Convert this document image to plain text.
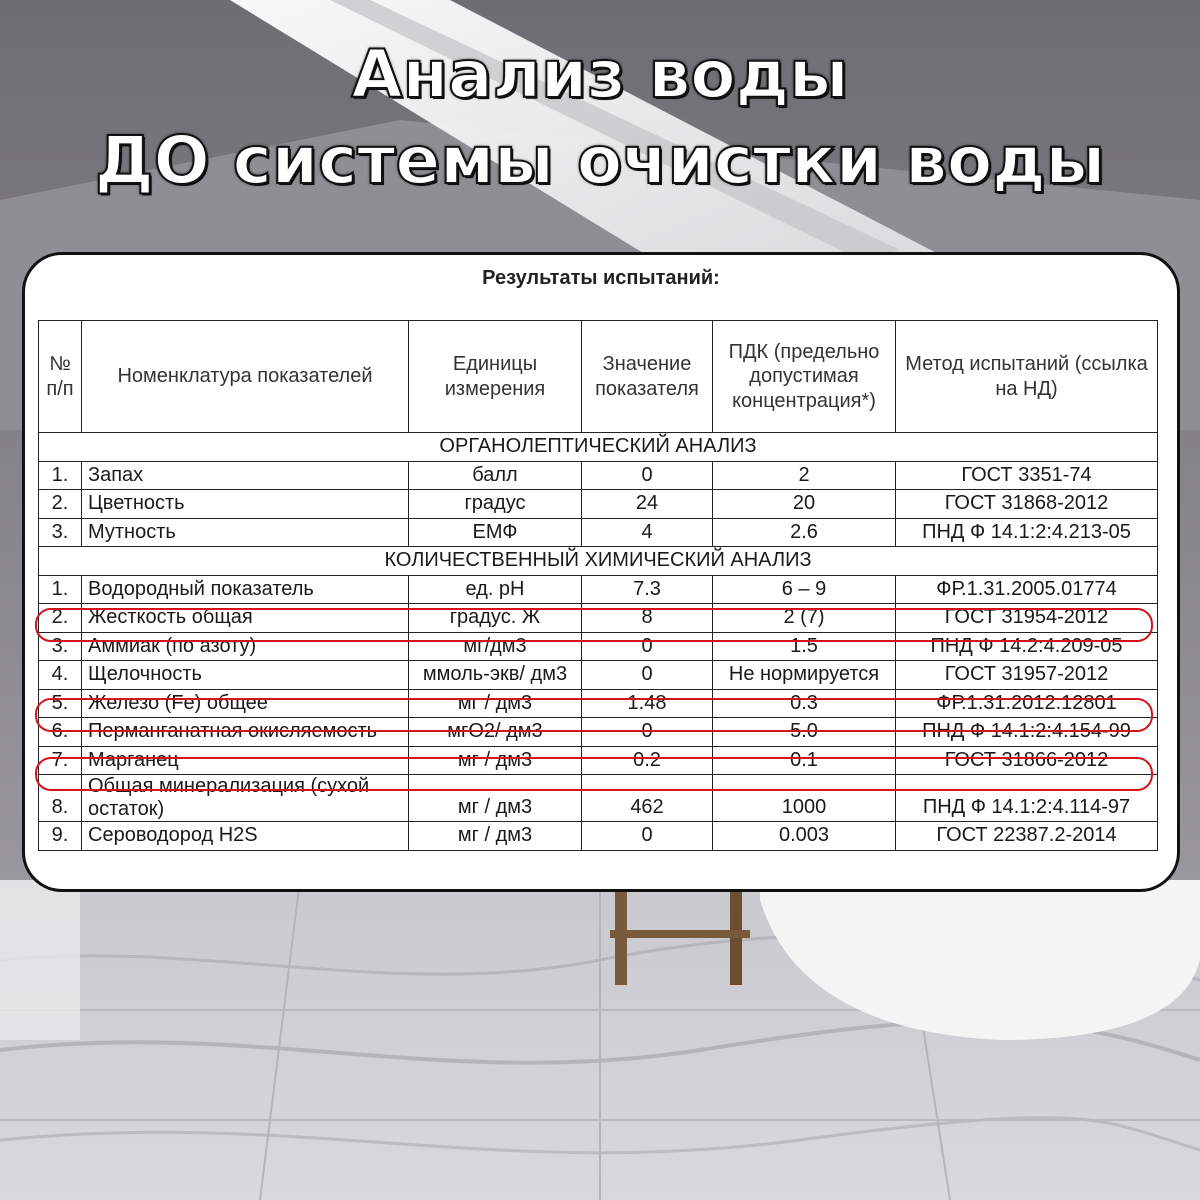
Анализ воды
ДО системы очистки воды
Результаты испытаний:
№ п/п	Номенклатура показателей	Единицы измерения	Значение показателя	ПДК (предельно допустимая концентрация*)	Метод испытаний (ссылка на НД)
ОРГАНОЛЕПТИЧЕСКИЙ АНАЛИЗ					
1.	Запах	балл	0	2	ГОСТ 3351-74
2.	Цветность	градус	24	20	ГОСТ 31868-2012
3.	Мутность	ЕМФ	4	2.6	ПНД Ф 14.1:2:4.213-05
КОЛИЧЕСТВЕННЫЙ ХИМИЧЕСКИЙ АНАЛИЗ					
1.	Водородный показатель	ед. pH	7.3	6 – 9	ФР.1.31.2005.01774
2.	Жесткость общая	градус. Ж	8	2 (7)	ГОСТ 31954-2012
3.	Аммиак (по азоту)	мг/дм3	0	1.5	ПНД Ф 14.2:4.209-05
4.	Щелочность	ммоль-экв/ дм3	0	Не нормируется	ГОСТ 31957-2012
5.	Железо (Fe) общее	мг / дм3	1.48	0.3	ФР.1.31.2012.12801
6.	Перманганатная окисляемость	мгО2/ дм3	0	5.0	ПНД Ф 14.1:2:4.154-99
7.	Марганец	мг / дм3	0.2	0.1	ГОСТ 31866-2012
8.	Общая минерализация (сухой остаток)	мг / дм3	462	1000	ПНД Ф 14.1:2:4.114-97
9.	Сероводород H2S	мг / дм3	0	0.003	ГОСТ 22387.2-2014
